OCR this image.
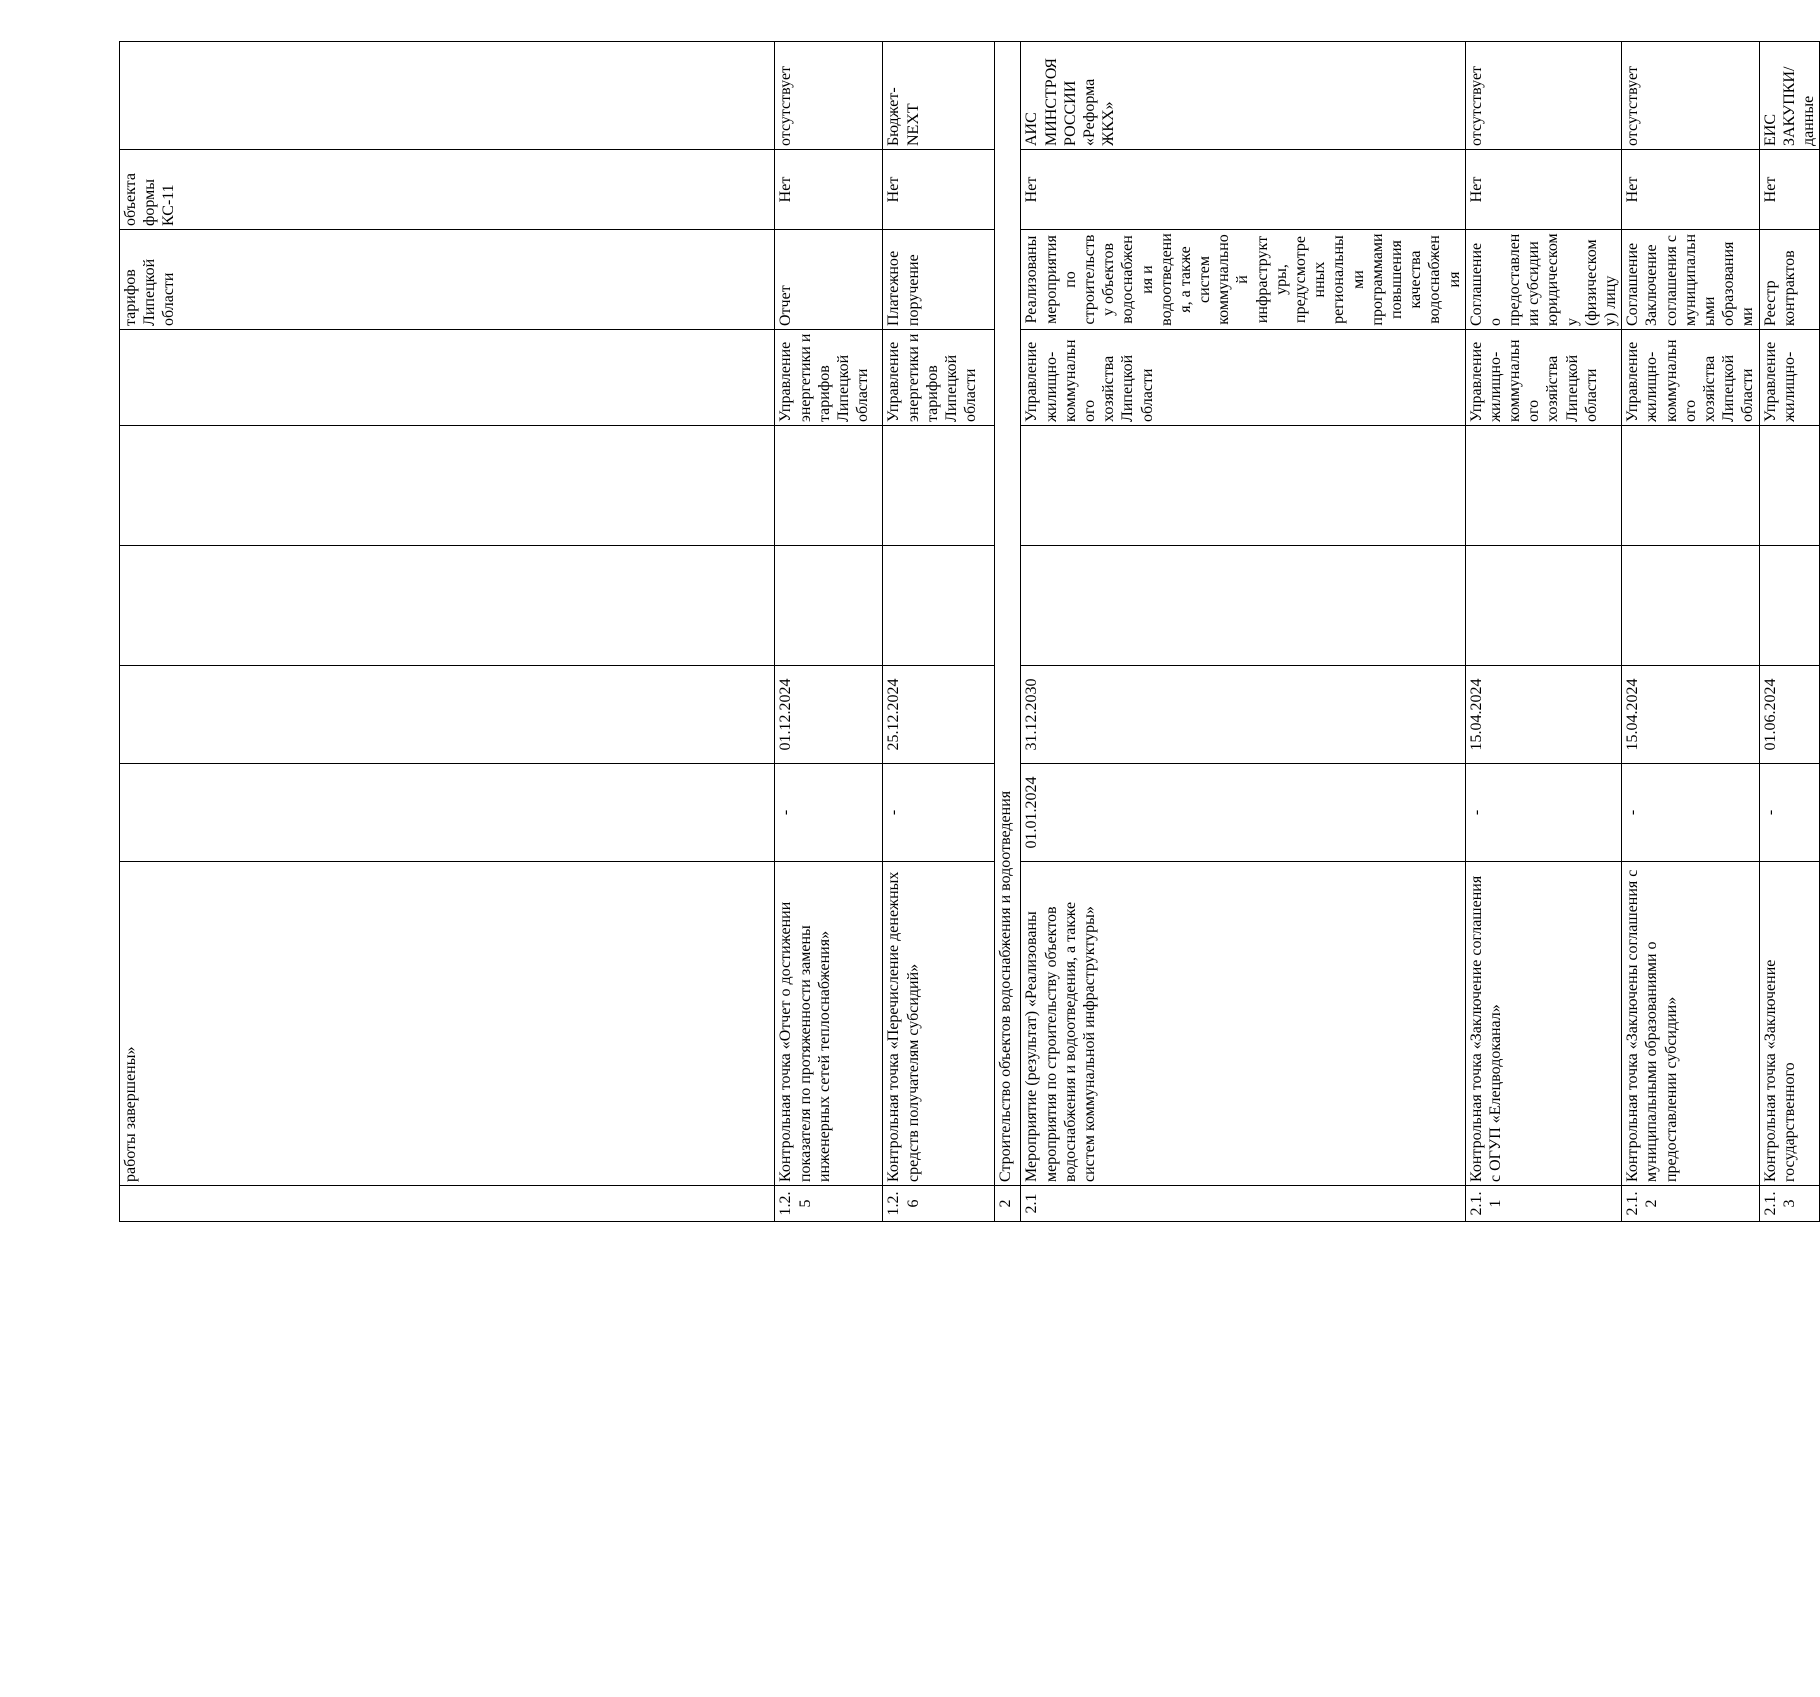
	работы завершены»						тарифов Липецкой области	объекта формы КС-11		
1.2.5	Контрольная точка «Отчет о достижении показателя по протяженности замены инженерных сетей теплоснабжения»	-	01.12.2024			Управление энергетики и тарифов Липецкой области	Отчет	Нет	отсутствует	
1.2.6	Контрольная точка «Перечисление денежных средств получателям субсидий»	-	25.12.2024			Управление энергетики и тарифов Липецкой области	Платежное поручение	Нет	Бюджет-NEXT	
2	Строительство объектов водоснабжения и водоотведения									
2.1	Мероприятие (результат) «Реализованы мероприятия по строительству объектов водоснабжения и водоотведения, а также систем коммунальной инфраструктуры»	01.01.2024	31.12.2030			Управление жилищно-коммунального хозяйства Липецкой области	Реализованы мероприятия по строительству объектов водоснабжения и водоотведения, а также систем коммунальной инфраструктуры, предусмотренных региональными программами повышения качества водоснабжения	Нет	АИС МИНСТРОЯ РОССИИ «Реформа ЖКХ»	
2.1.1	Контрольная точка «Заключение соглашения с ОГУП «Елецводоканал»	-	15.04.2024			Управление жилищно-коммунального хозяйства Липецкой области	Соглашение о предоставлении субсидии юридическому (физическому) лицу	Нет	отсутствует	
2.1.2	Контрольная точка «Заключены соглашения с муниципальными образованиями о предоставлении субсидии»	-	15.04.2024			Управление жилищно-коммунального хозяйства Липецкой области	Соглашение Заключение соглашения с муниципальными образованиями	Нет	отсутствует	
2.1.3	Контрольная точка «Заключение государственного	-	01.06.2024			Управление жилищно-	Реестр контрактов	Нет	ЕИС ЗАКУПКИ/ данные	
